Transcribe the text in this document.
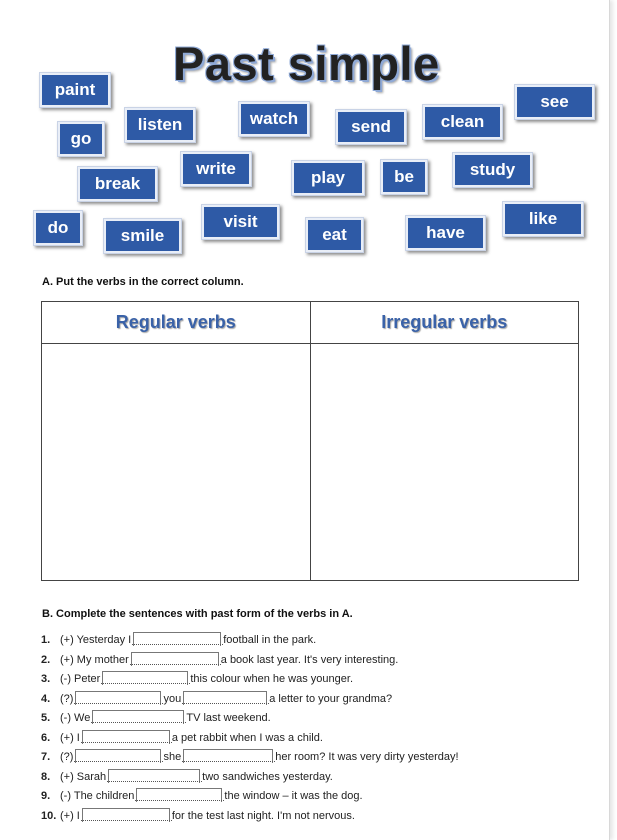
Past simple
paint
see
go
listen	watch	send	clean
break
write	play	be	study
do	smile
visit
eat	have
like
A. Put the verbs in the correct column.
Regular verbs	Irregular verbs

B. Complete the sentences with past form of the verbs in A.
1. (+) Yesterday I	football in the park.
2. (+) My mother	a book last year. It's very interesting.
3. (-) Peter	this colour when he was younger.
4. (?)	you	a letter to your grandma?
5. (-) We	TV last weekend.
6. (+) I	a pet rabbit when I was a child.
7. (?)	she	her room? It was very dirty yesterday!
8. (+) Sarah	two sandwiches yesterday.
9. (-) The children	the window – it was the dog.
10. (+) I	for the test last night. I'm not nervous.
